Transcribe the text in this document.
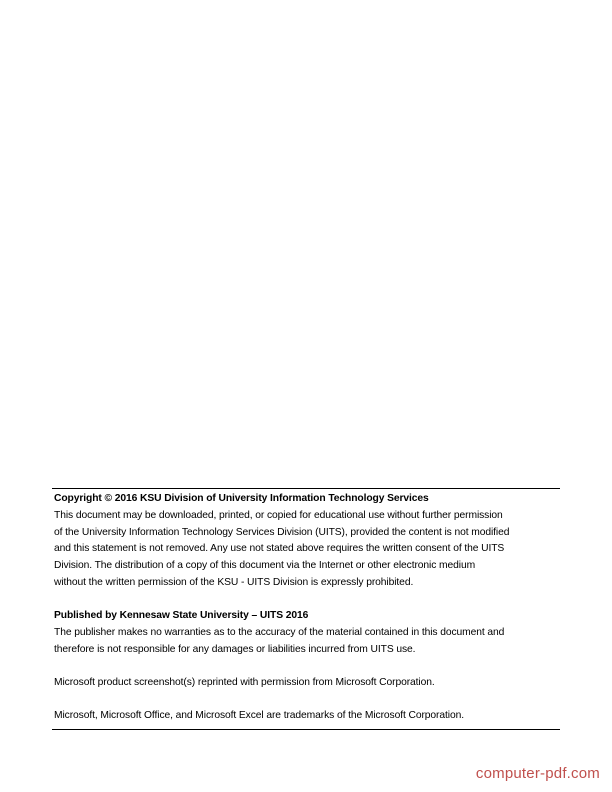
Copyright © 2016 KSU Division of University Information Technology Services

This document may be downloaded, printed, or copied for educational use without further permission

of the University Information Technology Services Division (UITS), provided the content is not modified

and this statement is not removed. Any use not stated above requires the written consent of the UITS

Division. The distribution of a copy of this document via the Internet or other electronic medium

without the written permission of the KSU - UITS Division is expressly prohibited.

Published by Kennesaw State University – UITS 2016

The publisher makes no warranties as to the accuracy of the material contained in this document and

therefore is not responsible for any damages or liabilities incurred from UITS use.

Microsoft product screenshot(s) reprinted with permission from Microsoft Corporation.

Microsoft, Microsoft Office, and Microsoft Excel are trademarks of the Microsoft Corporation.

computer-pdf.com
